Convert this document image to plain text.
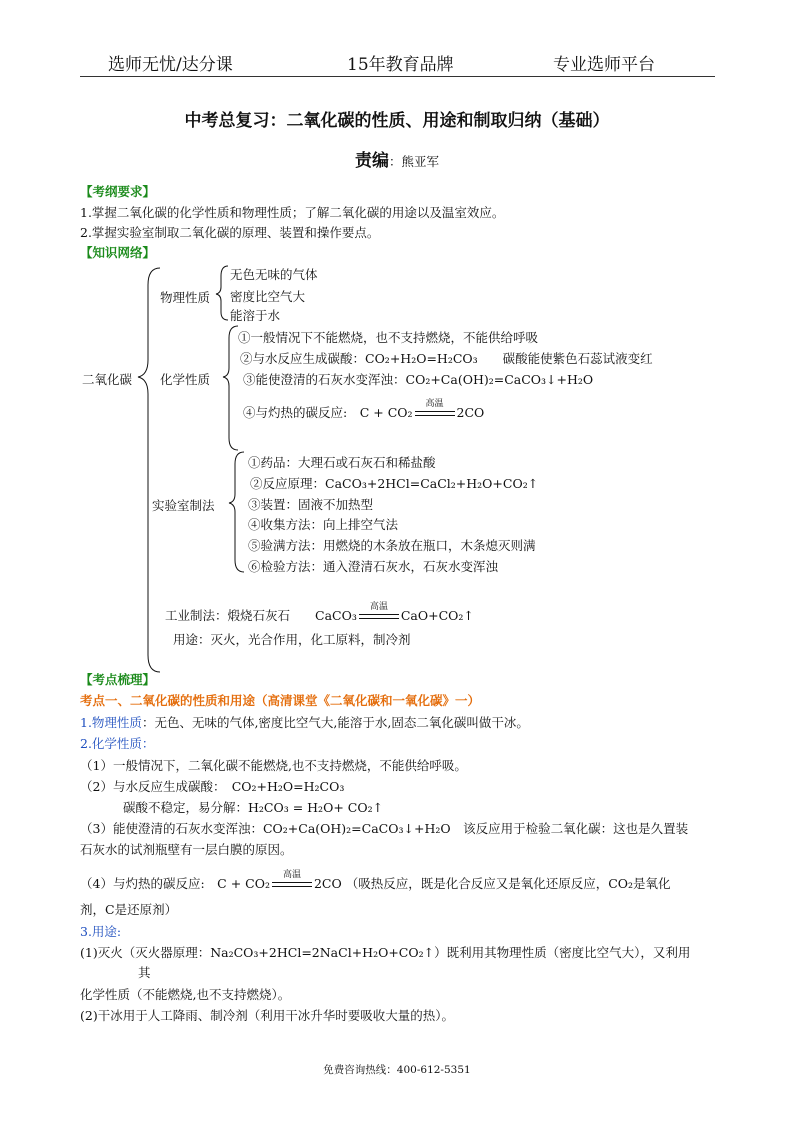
选师无忧/达分课	15年教育品牌	专业选师平台
中考总复习：二氧化碳的性质、用途和制取归纳（基础）
责编：熊亚军
【考纲要求】
1.掌握二氧化碳的化学性质和物理性质；了解二氧化碳的用途以及温室效应。
2.掌握实验室制取二氧化碳的原理、装置和操作要点。
【知识网络】
二氧化碳
物理性质
无色无味的气体
密度比空气大
能溶于水
化学性质
①一般情况下不能燃烧，也不支持燃烧，不能供给呼吸
②与水反应生成碳酸：CO₂+H₂O=H₂CO₃　　碳酸能使紫色石蕊试液变红
③能使澄清的石灰水变浑浊：CO₂+Ca(OH)₂=CaCO₃↓+H₂O
④与灼热的碳反应:　C + CO₂
高温
2CO
实验室制法
①药品：大理石或石灰石和稀盐酸
②反应原理：CaCO₃+2HCl=CaCl₂+H₂O+CO₂↑
③装置：固液不加热型
④收集方法：向上排空气法
⑤验满方法：用燃烧的木条放在瓶口，木条熄灭则满
⑥检验方法：通入澄清石灰水，石灰水变浑浊
工业制法：煅烧石灰石　　CaCO₃
高温
CaO+CO₂↑
用途：灭火，光合作用，化工原料，制冷剂
【考点梳理】
考点一、二氧化碳的性质和用途（高清课堂《二氧化碳和一氧化碳》一）
1.物理性质：无色、无味的气体,密度比空气大,能溶于水,固态二氧化碳叫做干冰。
2.化学性质：
（1）一般情况下，二氧化碳不能燃烧,也不支持燃烧，不能供给呼吸。
（2）与水反应生成碳酸：　CO₂+H₂O=H₂CO₃
碳酸不稳定，易分解：H₂CO₃ = H₂O+ CO₂↑
（3）能使澄清的石灰水变浑浊：CO₂+Ca(OH)₂=CaCO₃↓+H₂O　该反应用于检验二氧化碳：这也是久置装
石灰水的试剂瓶壁有一层白膜的原因。
（4）与灼热的碳反应:　C + CO₂
高温
2CO （吸热反应，既是化合反应又是氧化还原反应，CO₂是氧化
剂，C是还原剂）
3.用途:
(1)灭火（灭火器原理：Na₂CO₃+2HCl=2NaCl+H₂O+CO₂↑）既利用其物理性质（密度比空气大），又利用
其
化学性质（不能燃烧,也不支持燃烧）。
(2)干冰用于人工降雨、制冷剂（利用干冰升华时要吸收大量的热）。
免费咨询热线：400-612-5351
